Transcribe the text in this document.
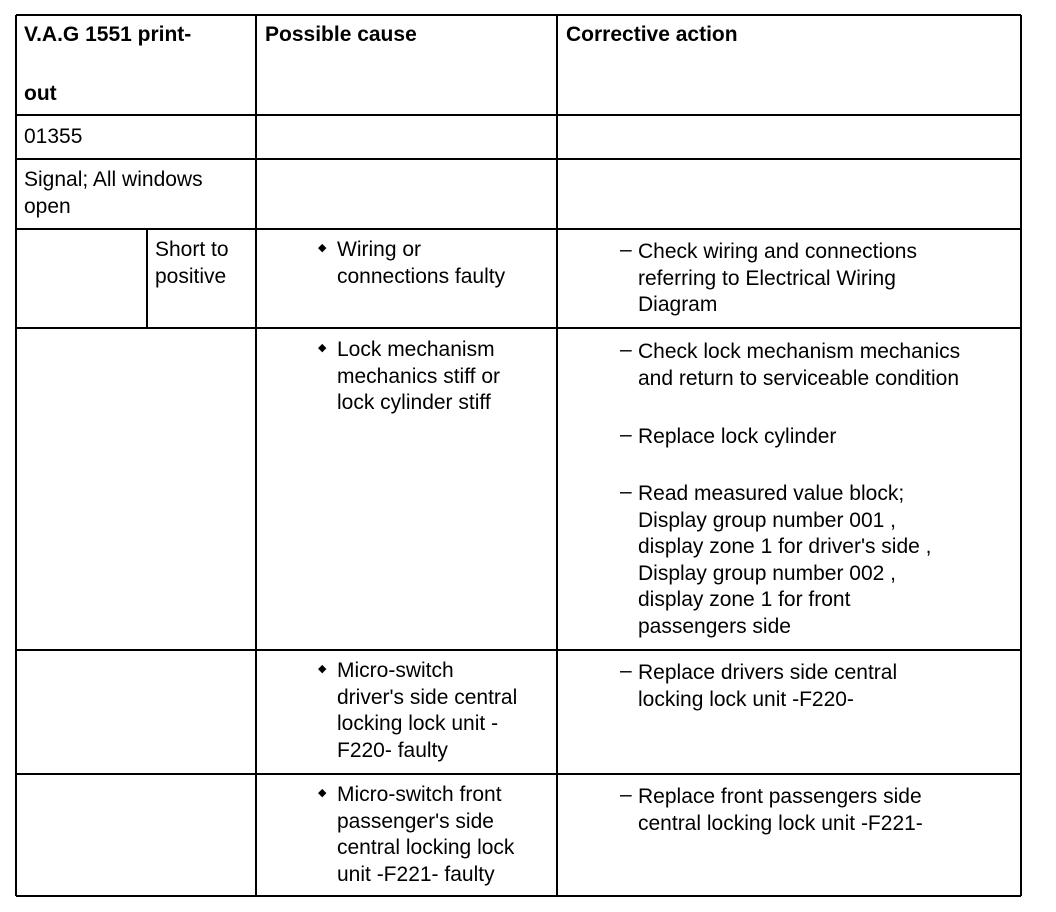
V.A.G 1551 print-
out
Possible cause	Corrective action
01355
Signal; All windows
open
Short to
positive
◆ Wiring or
connections faulty
– Check wiring and connections
referring to Electrical Wiring
Diagram
◆ Lock mechanism
mechanics stiff or
lock cylinder stiff
– Check lock mechanism mechanics
and return to serviceable condition
– Replace lock cylinder
– Read measured value block;
Display group number 001 ,
display zone 1 for driver's side ,
Display group number 002 ,
display zone 1 for front
passengers side
◆ Micro-switch
driver's side central
locking lock unit -
F220- faulty
– Replace drivers side central
locking lock unit -F220-
◆ Micro-switch front
passenger's side
central locking lock
unit -F221- faulty
– Replace front passengers side
central locking lock unit -F221-
